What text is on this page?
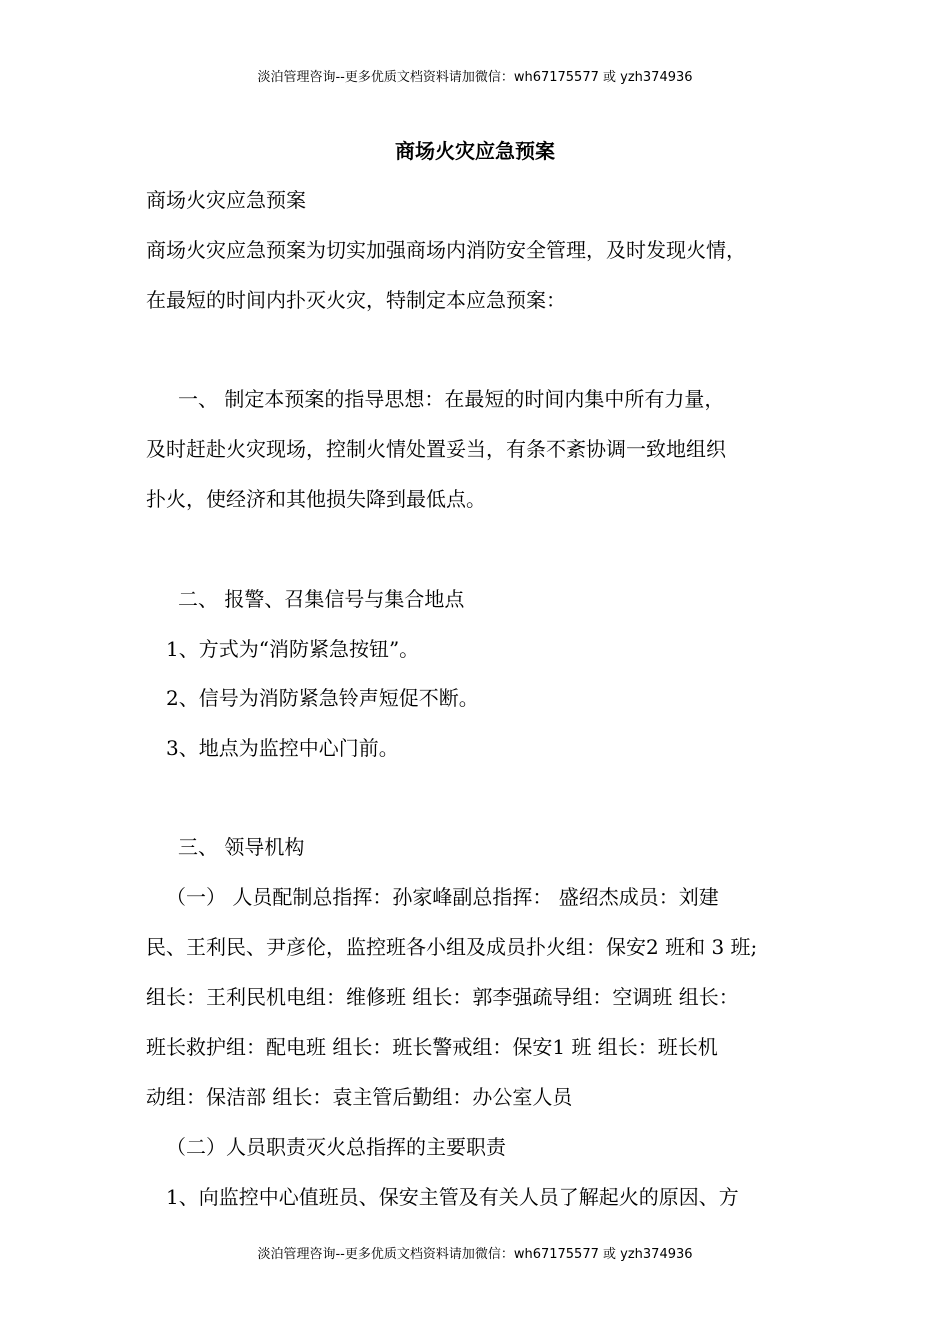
淡泊管理咨询--更多优质文档资料请加微信：wh67175577 或 yzh374936
商场火灾应急预案
商场火灾应急预案
商场火灾应急预案为切实加强商场内消防安全管理，及时发现火情，
在最短的时间内扑灭火灾，特制定本应急预案：
一、 制定本预案的指导思想：在最短的时间内集中所有力量，
及时赶赴火灾现场，控制火情处置妥当，有条不紊协调一致地组织
扑火，使经济和其他损失降到最低点。
二、 报警、召集信号与集合地点
1、方式为“消防紧急按钮”。
2、信号为消防紧急铃声短促不断。
3、地点为监控中心门前。
三、 领导机构
（一） 人员配制总指挥：孙家峰副总指挥： 盛绍杰成员：刘建
民、王利民、尹彦伦，监控班各小组及成员扑火组：保安2 班和 3 班;
组长：王利民机电组：维修班 组长：郭李强疏导组：空调班 组长：
班长救护组：配电班 组长：班长警戒组：保安1 班 组长：班长机
动组：保洁部 组长：袁主管后勤组：办公室人员
（二）人员职责灭火总指挥的主要职责
1、向监控中心值班员、保安主管及有关人员了解起火的原因、方
淡泊管理咨询--更多优质文档资料请加微信：wh67175577 或 yzh374936
